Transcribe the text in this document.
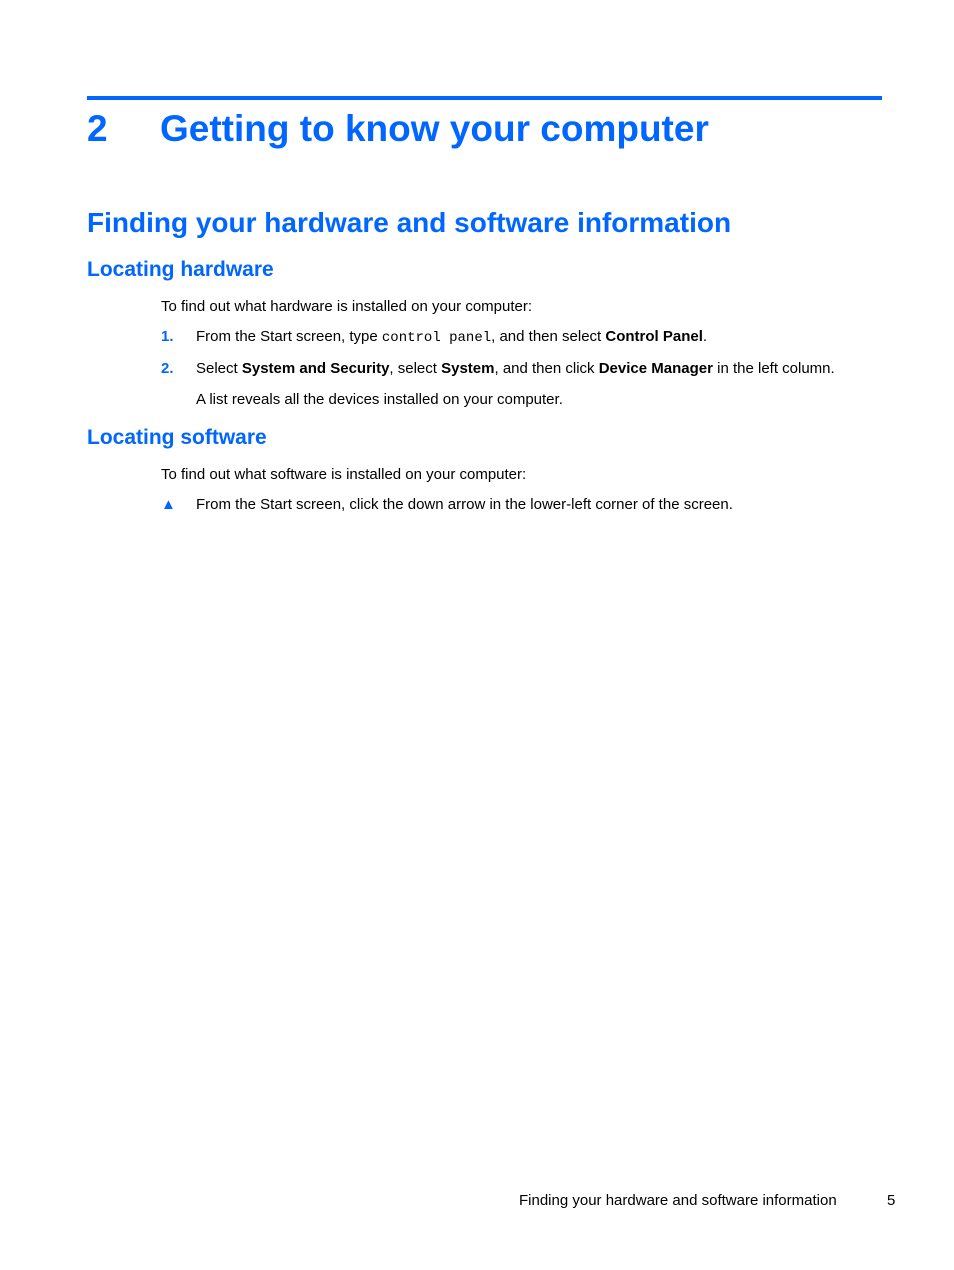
2 Getting to know your computer
Finding your hardware and software information
Locating hardware
To find out what hardware is installed on your computer:
1. From the Start screen, type control panel, and then select Control Panel.
2. Select System and Security, select System, and then click Device Manager in the left column.
A list reveals all the devices installed on your computer.
Locating software
To find out what software is installed on your computer:
▲ From the Start screen, click the down arrow in the lower-left corner of the screen.
Finding your hardware and software information	5
